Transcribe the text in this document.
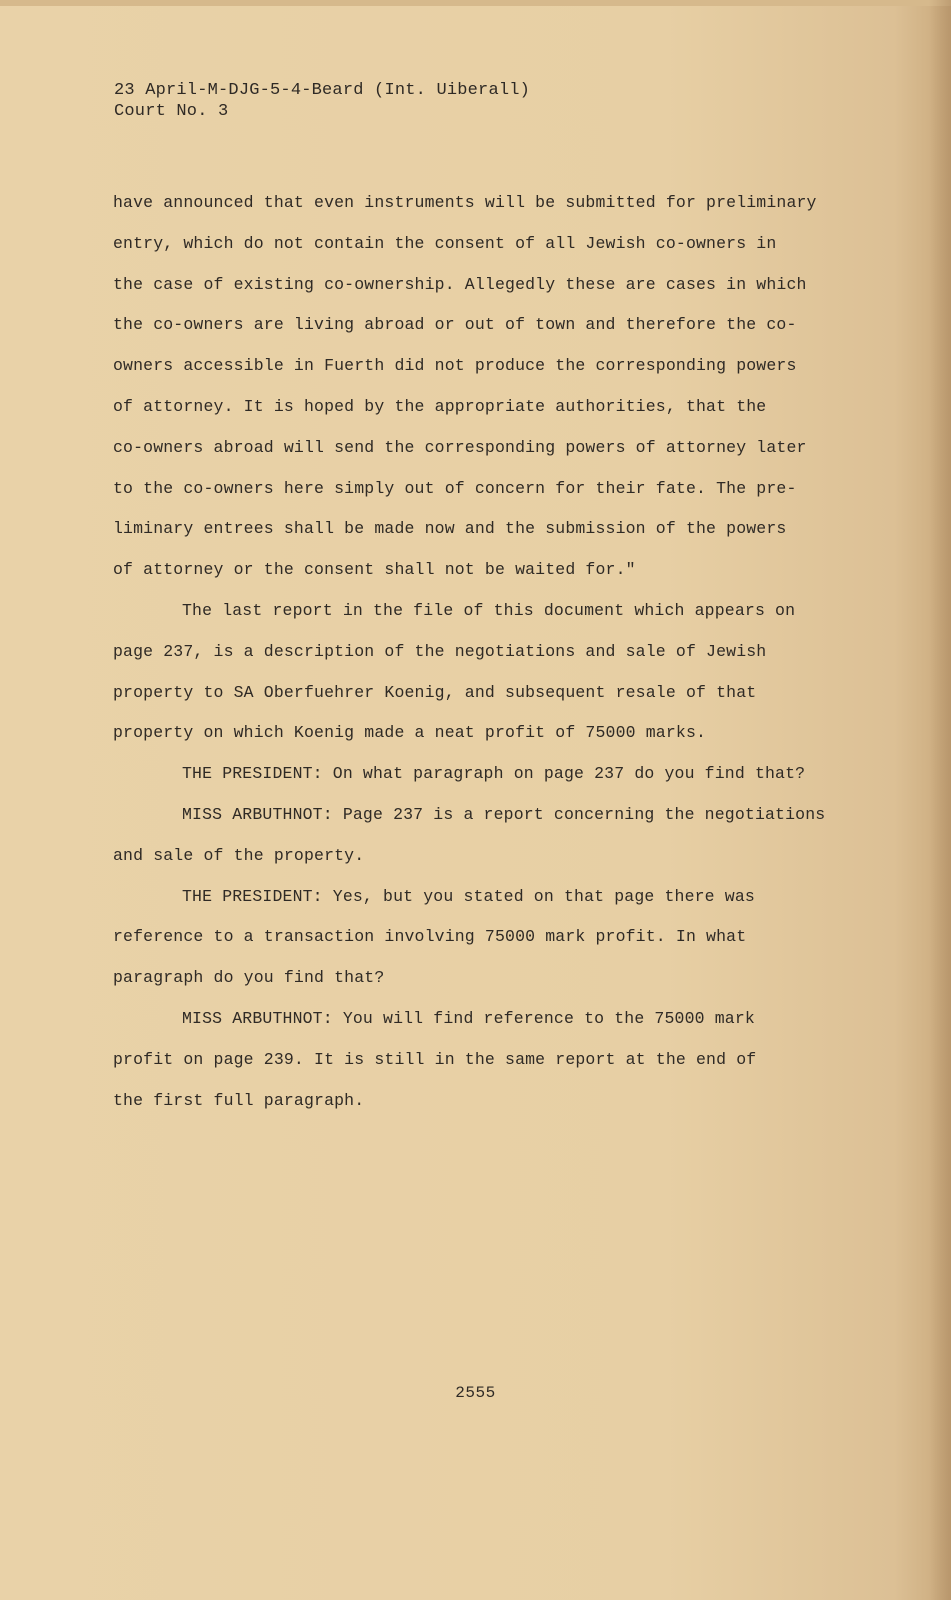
23 April-M-DJG-5-4-Beard (Int. Uiberall)
Court No. 3
have announced that even instruments will be submitted for preliminary
entry, which do not contain the consent of all Jewish co-owners in
the case of existing co-ownership. Allegedly these are cases in which
the co-owners are living abroad or out of town and therefore the co-
owners accessible in Fuerth did not produce the corresponding powers
of attorney. It is hoped by the appropriate authorities, that the
co-owners abroad will send the corresponding powers of attorney later
to the co-owners here simply out of concern for their fate. The pre-
liminary entrees shall be made now and the submission of the powers
of attorney or the consent shall not be waited for."
The last report in the file of this document which appears on
page 237, is a description of the negotiations and sale of Jewish
property to SA Oberfuehrer Koenig, and subsequent resale of that
property on which Koenig made a neat profit of 75000 marks.
THE PRESIDENT: On what paragraph on page 237 do you find that?
MISS ARBUTHNOT: Page 237 is a report concerning the negotiations
and sale of the property.
THE PRESIDENT: Yes, but you stated on that page there was
reference to a transaction involving 75000 mark profit. In what
paragraph do you find that?
MISS ARBUTHNOT: You will find reference to the 75000 mark
profit on page 239. It is still in the same report at the end of
the first full paragraph.
2555
